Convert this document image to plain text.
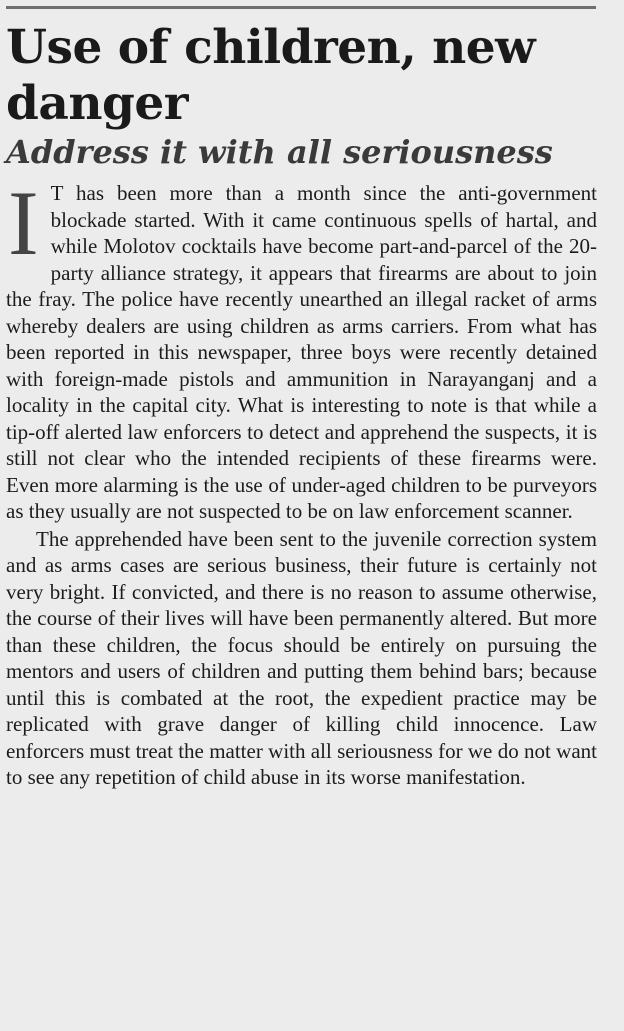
Use of children, new danger
Address it with all seriousness

I T has been more than a month since the anti-government blockade started. With it came continuous spells of hartal, and while Molotov cocktails have become part-and-parcel of the 20-party alliance strategy, it appears that firearms are about to join the fray. The police have recently unearthed an illegal racket of arms whereby dealers are using children as arms carriers. From what has been reported in this newspaper, three boys were recently detained with foreign-made pistols and ammunition in Narayanganj and a locality in the capital city. What is interesting to note is that while a tip-off alerted law enforcers to detect and apprehend the suspects, it is still not clear who the intended recipients of these firearms were. Even more alarming is the use of under-aged children to be purveyors as they usually are not suspected to be on law enforcement scanner.

The apprehended have been sent to the juvenile correction system and as arms cases are serious business, their future is certainly not very bright. If convicted, and there is no reason to assume otherwise, the course of their lives will have been permanently altered. But more than these children, the focus should be entirely on pursuing the mentors and users of children and putting them behind bars; because until this is combated at the root, the expedient practice may be replicated with grave danger of killing child innocence. Law enforcers must treat the matter with all seriousness for we do not want to see any repetition of child abuse in its worse manifestation.
